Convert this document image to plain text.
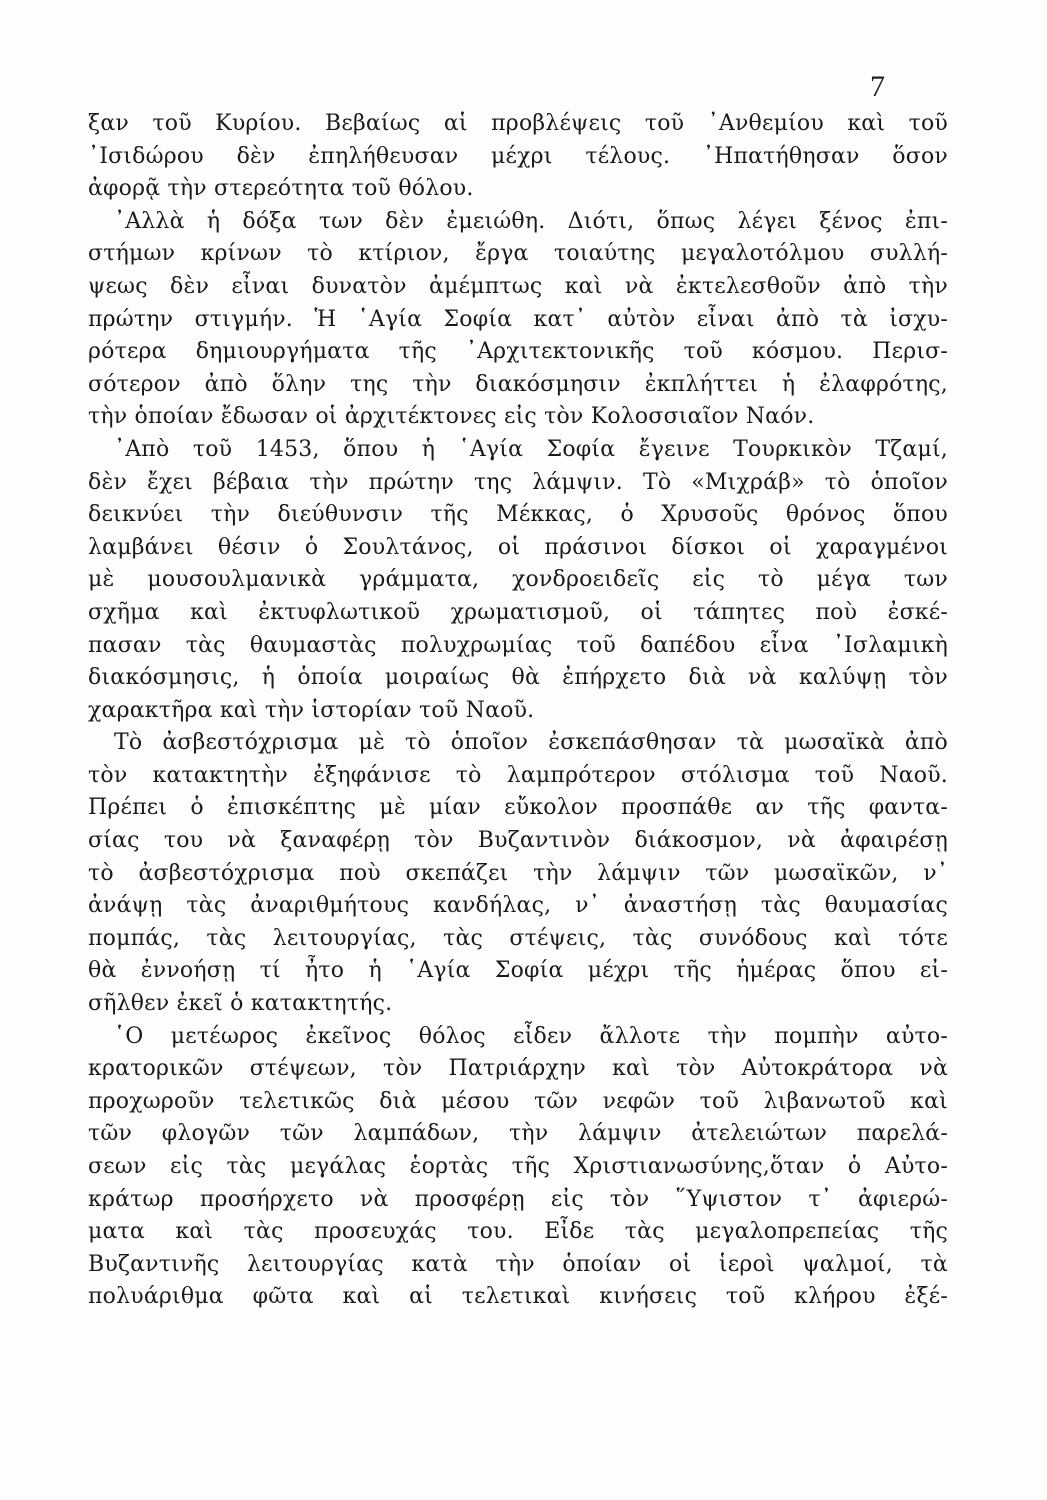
7
ξαν τοῦ Κυρίου. Βεβαίως αἱ προβλέψεις τοῦ ᾿Ανθεμίου καὶ τοῦ
᾿Ισιδώρου δὲν ἐπηλήθευσαν μέχρι τέλους. ᾿Ηπατήθησαν ὅσον
ἀφορᾷ τὴν στερεότητα τοῦ θόλου.
᾿Αλλὰ ἡ δόξα των δὲν ἐμειώθη. Διότι, ὅπως λέγει ξένος ἐπι-
στήμων κρίνων τὸ κτίριον, ἔργα τοιαύτης μεγαλοτόλμου συλλή-
ψεως δὲν εἶναι δυνατὸν ἀμέμπτως καὶ νὰ ἐκτελεσθοῦν ἀπὸ τὴν
πρώτην στιγμήν. Ἡ ῾Αγία Σοφία κατ᾿ αὐτὸν εἶναι ἀπὸ τὰ ἰσχυ-
ρότερα δημιουργήματα τῆς ᾿Αρχιτεκτονικῆς τοῦ κόσμου. Περισ-
σότερον ἀπὸ ὅλην της τὴν διακόσμησιν ἐκπλήττει ἡ ἐλαφρότης,
τὴν ὁποίαν ἔδωσαν οἱ ἀρχιτέκτονες εἰς τὸν Κολοσσιαῖον Ναόν.
᾿Απὸ τοῦ 1453, ὅπου ἡ ῾Αγία Σοφία ἔγεινε Τουρκικὸν Τζαμί,
δὲν ἔχει βέβαια τὴν πρώτην της λάμψιν. Τὸ «Μιχράβ» τὸ ὁποῖον
δεικνύει τὴν διεύθυνσιν τῆς Μέκκας, ὁ Χρυσοῦς θρόνος ὅπου
λαμβάνει θέσιν ὁ Σουλτάνος, οἱ πράσινοι δίσκοι οἱ χαραγμένοι
μὲ μουσουλμανικὰ γράμματα, χονδροειδεῖς εἰς τὸ μέγα των
σχῆμα καὶ ἐκτυφλωτικοῦ χρωματισμοῦ, οἱ τάπητες ποὺ ἐσκέ-
πασαν τὰς θαυμαστὰς πολυχρωμίας τοῦ δαπέδου εἶνα ᾿Ισλαμικὴ
διακόσμησις, ἡ ὁποία μοιραίως θὰ ἐπήρχετο διὰ νὰ καλύψῃ τὸν
χαρακτῆρα καὶ τὴν ἱστορίαν τοῦ Ναοῦ.
Τὸ ἀσβεστόχρισμα μὲ τὸ ὁποῖον ἐσκεπάσθησαν τὰ μωσαϊκὰ ἀπὸ
τὸν κατακτητὴν ἐξηφάνισε τὸ λαμπρότερον στόλισμα τοῦ Ναοῦ.
Πρέπει ὁ ἐπισκέπτης μὲ μίαν εὔκολον προσπάθε αν τῆς φαντα-
σίας του νὰ ξαναφέρῃ τὸν Βυζαντινὸν διάκοσμον, νὰ ἀφαιρέσῃ
τὸ ἀσβεστόχρισμα ποὺ σκεπάζει τὴν λάμψιν τῶν μωσαϊκῶν, ν᾿
ἀνάψῃ τὰς ἀναριθμήτους κανδήλας, ν᾿ ἀναστήσῃ τὰς θαυμασίας
πομπάς, τὰς λειτουργίας, τὰς στέψεις, τὰς συνόδους καὶ τότε
θὰ ἐννοήσῃ τί ἦτο ἡ ῾Αγία Σοφία μέχρι τῆς ἡμέρας ὅπου εἰ-
σῆλθεν ἐκεῖ ὁ κατακτητής.
῾Ο μετέωρος ἐκεῖνος θόλος εἶδεν ἄλλοτε τὴν πομπὴν αὐτο-
κρατορικῶν στέψεων, τὸν Πατριάρχην καὶ τὸν Αὐτοκράτορα νὰ
προχωροῦν τελετικῶς διὰ μέσου τῶν νεφῶν τοῦ λιβανωτοῦ καὶ
τῶν φλογῶν τῶν λαμπάδων, τὴν λάμψιν ἀτελειώτων παρελά-
σεων εἰς τὰς μεγάλας ἑορτὰς τῆς Χριστιανωσύνης,ὅταν ὁ Αὐτο-
κράτωρ προσήρχετο νὰ προσφέρῃ εἰς τὸν ῞Υψιστον τ᾿ ἀφιερώ-
ματα καὶ τὰς προσευχάς του. Εἶδε τὰς μεγαλοπρεπείας τῆς
Βυζαντινῆς λειτουργίας κατὰ τὴν ὁποίαν οἱ ἱεροὶ ψαλμοί, τὰ
πολυάριθμα φῶτα καὶ αἱ τελετικαὶ κινήσεις τοῦ κλήρου ἐξέ-
